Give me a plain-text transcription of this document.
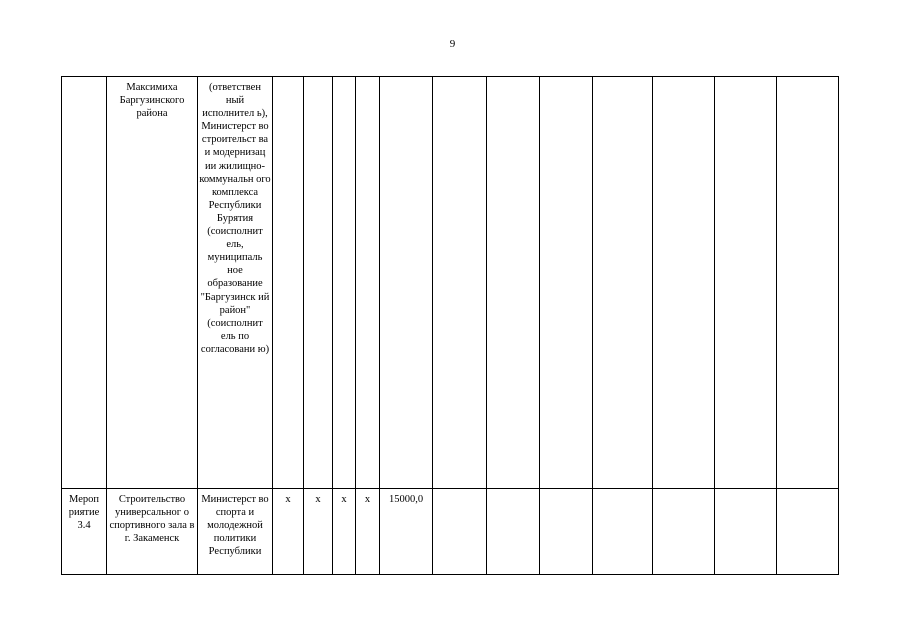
9
	Максимиха Баргузинского района	(ответствен ный исполнител ь), Министерст во строительст ва и модернизац ии жилищно-коммунальн ого комплекса Республики Бурятия (соисполнит ель, муниципаль ное образование "Баргузинск ий район" (соисполнит ель по согласовани ю)												
Мероп риятие 3.4	Строительство универсальног о спортивного зала в г. Закаменск	Министерст во спорта и молодежной политики Республики	x	x	x	x	15000,0							
